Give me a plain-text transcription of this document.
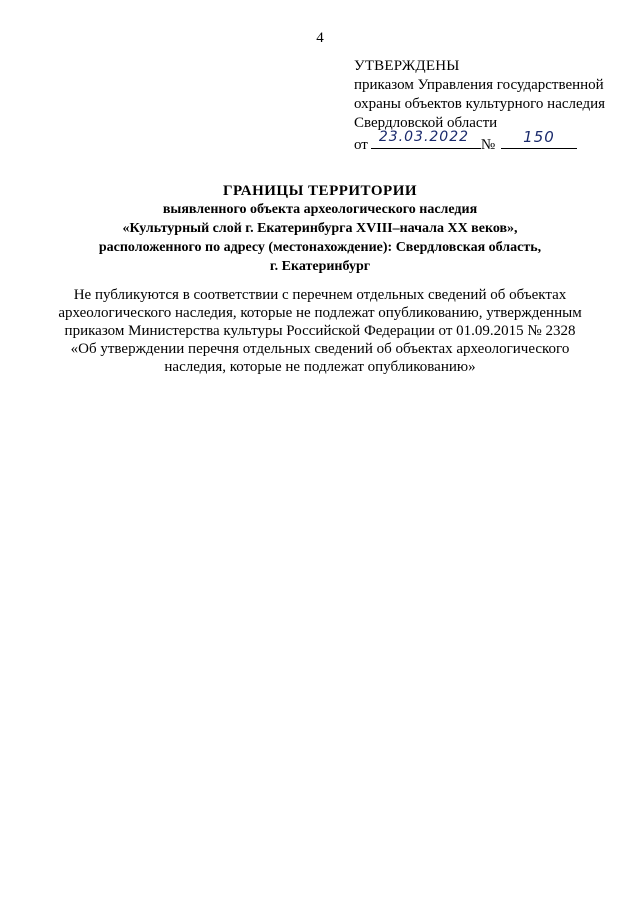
4
УТВЕРЖДЕНЫ
приказом Управления государственной
охраны объектов культурного наследия
Свердловской области
от 23.03.2022 № 150
ГРАНИЦЫ ТЕРРИТОРИИ
выявленного объекта археологического наследия
«Культурный слой г. Екатеринбурга XVIII–начала XX веков»,
расположенного по адресу (местонахождение): Свердловская область,
г. Екатеринбург
Не публикуются в соответствии с перечнем отдельных сведений об объектах
археологического наследия, которые не подлежат опубликованию, утвержденным
приказом Министерства культуры Российской Федерации от 01.09.2015 № 2328
«Об утверждении перечня отдельных сведений об объектах археологического
наследия, которые не подлежат опубликованию»
